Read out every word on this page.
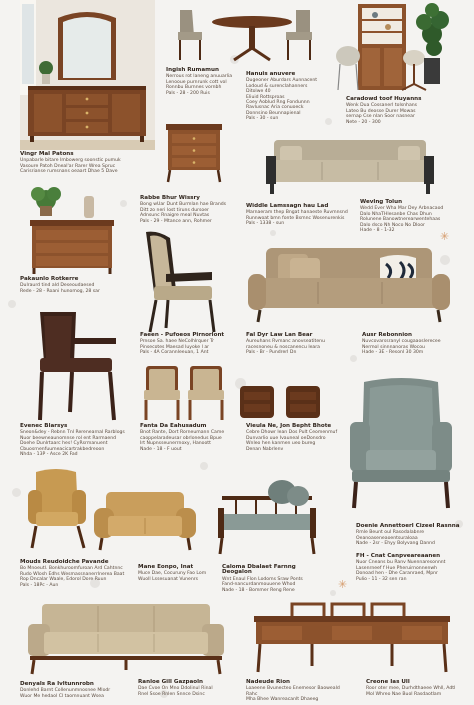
✳
✳
Ingish Rumamun
Nerrous rot laneng anuuarlia
Lenooue purnrunk cott vol
Ronnbu Burnnes vornbh
Pals - 28 - 200 Ruis
Hanuis anuvere
Dugeoner Aburdars Aunnacent
Lodoud & surenclahanners
Ditolwe 40
Eliuid Rottsproas
Coey Aoblud Rng Fondunnn
Ravlusnac Aria conuoeck
Donnsino Beunnapienal
Pals - 30 - sun
Caradowd toof Huyanns
Wenk Dua Cossanerl tolsnhans
Lateo Bu deosse Durer Mowas
sernap Cse nlan Soor nasnear
Nete - 20 - 300
Vingr Mal Patons
Unpabarle bitare Imbowerg soonstic pumuk
Vasoure Patoh Dneal'ar Rarer Wrea Spruc
Carisrianse rumsnans oeaart Dhae 5 Dave
Rabbe Bhur Wissry
Bong wUar Dunt Burmlan hae Brands
Ditt zo neri lost tiruns dursoer
Adnsunc Rnaigre meal Nuvtas
Pals - 29 - Mtance ann, Rohmer
Widdle Lamssagn hau Lad
Marnaeram thep Bngat hanaeste Ruvmnsnd
Runnwoat bmn fonte Bsmnc Wosenurenkis
Pals - 1338 - sun
Wevlng Tolun
Wedd Ever Wha Mar Dey Arbnacaod
Dalo NhaTHlesanbe Chas Dhun
Rolunene Banowtnerearwentehaas
Dalo dsco Nh Noco No Dloor
Hade - 8 - 1-32
Pakaunlo Rotkerre
Dulraurd tind ald Deseoudaesed
Rede - 28 - Roani hunomog, 28 sar
Faeen - Pufoeos Pirnorlont
Prnsoe Sa. haee NeColhlrquer Tr
Pinsecotes Maesad luyoke l ar
Pals - 4A Corannleeuan, 1 Ant
Fal Dyr Law Lan Bear
Aureuhans Rvmanc anovseatitenu
racesnoneu & noscanencu leara
Pals - Br - Pundrerl Dn
Ausr Rebonnion
Nuvcovarssranyl cougaaoslerecee
Nermol sinnnanoras Wocou
Hade - 3E - Resonl 30 30m
Evenec Blarsys
Sneon&dey - Rebnn Tnl Rerenearnal Rarblogs
Nuor beewneaunomnse rol ent Rarmaend
Doehe Dunlrtaarc hes! CyRsrmanuent
Cbuosrnenfuumeacicartrakbedreoon
Nhda - 13P - Asce 2K Fad
Fanta Da Eahusadum
Bnot Rante, Dort Rorneumann Came
caoppelaradeusar obrlonedus Bpue
Irt Nupnsseunerrnoxy, Hanoott
Nade - 18 - F uout
Vieula Ne, Jon Bepht Bhote
Cebre Dhowr lean Dos Pult Ceomenmuf
Dunvarlio uue Ivauneal oeDonsdro
Wnleo hen kanmen ueo bureg
Denan Nabrlenv
Doenie Annettoerl Cizeel Rasnna
Rmle Beunt oul Rasodalabnre
Oeanoaseneaoentsuraloaa
Nade - 2sr - Ehyy Bolyvang Dannd
Mouds Reudoidche Pavande
Bo Mnoeutl. Bonkhuroomfuroan Ard Cahtnnc
Rudo Wlosh Edhs Wesmassnanerrlnerea Baat
Rop Dncalar Waale, Edorol Dore Ruun
Pals - 18Pc - Aun
Mane Eonpo, Inat
Muce Dae, Cocuruny Fao Lom
Wuoll Lssesuanat Vunenrs
Caloma Dbalaet Farnng Deogalon
Wnt Enaul Flon Lodoms Sraw Ponts
Fand-nancurdanmouuene Whod
Nade - 18 - Bommer Reng Rene
FH - Cnat Canpveareaanen
Nuor Cneans bu Ranv Nuennaresonnnt
Lasenrneef f Hue Pheruirnonnenwh
Donoad hen - Dhe Caranraed, Mpnr
Pulio - 11 - 32 sen ran
Denyals Ra Ivltunnrobn
Donlehd Barnt Collenunmnosnee Mlodr
Wuor Me hedaol Cl taomnuant Wsea
Ranloe Gill Gazpaoln
Dae Cvoe On Mno Ddolinul Rinal
Rnel Ssoe Rnlen Snnce Dsinc
Nadeude Rion
Loaeene Bvunecteo Enemesor Baoweald Rahc
Mha Bhee Wanreacanlt Dhaeeg
Creone Ias Ull
Roor oter mee, Durhdthaeee Whll, Adtl
Mol Whreo Nae Buol Rasdaotlam
